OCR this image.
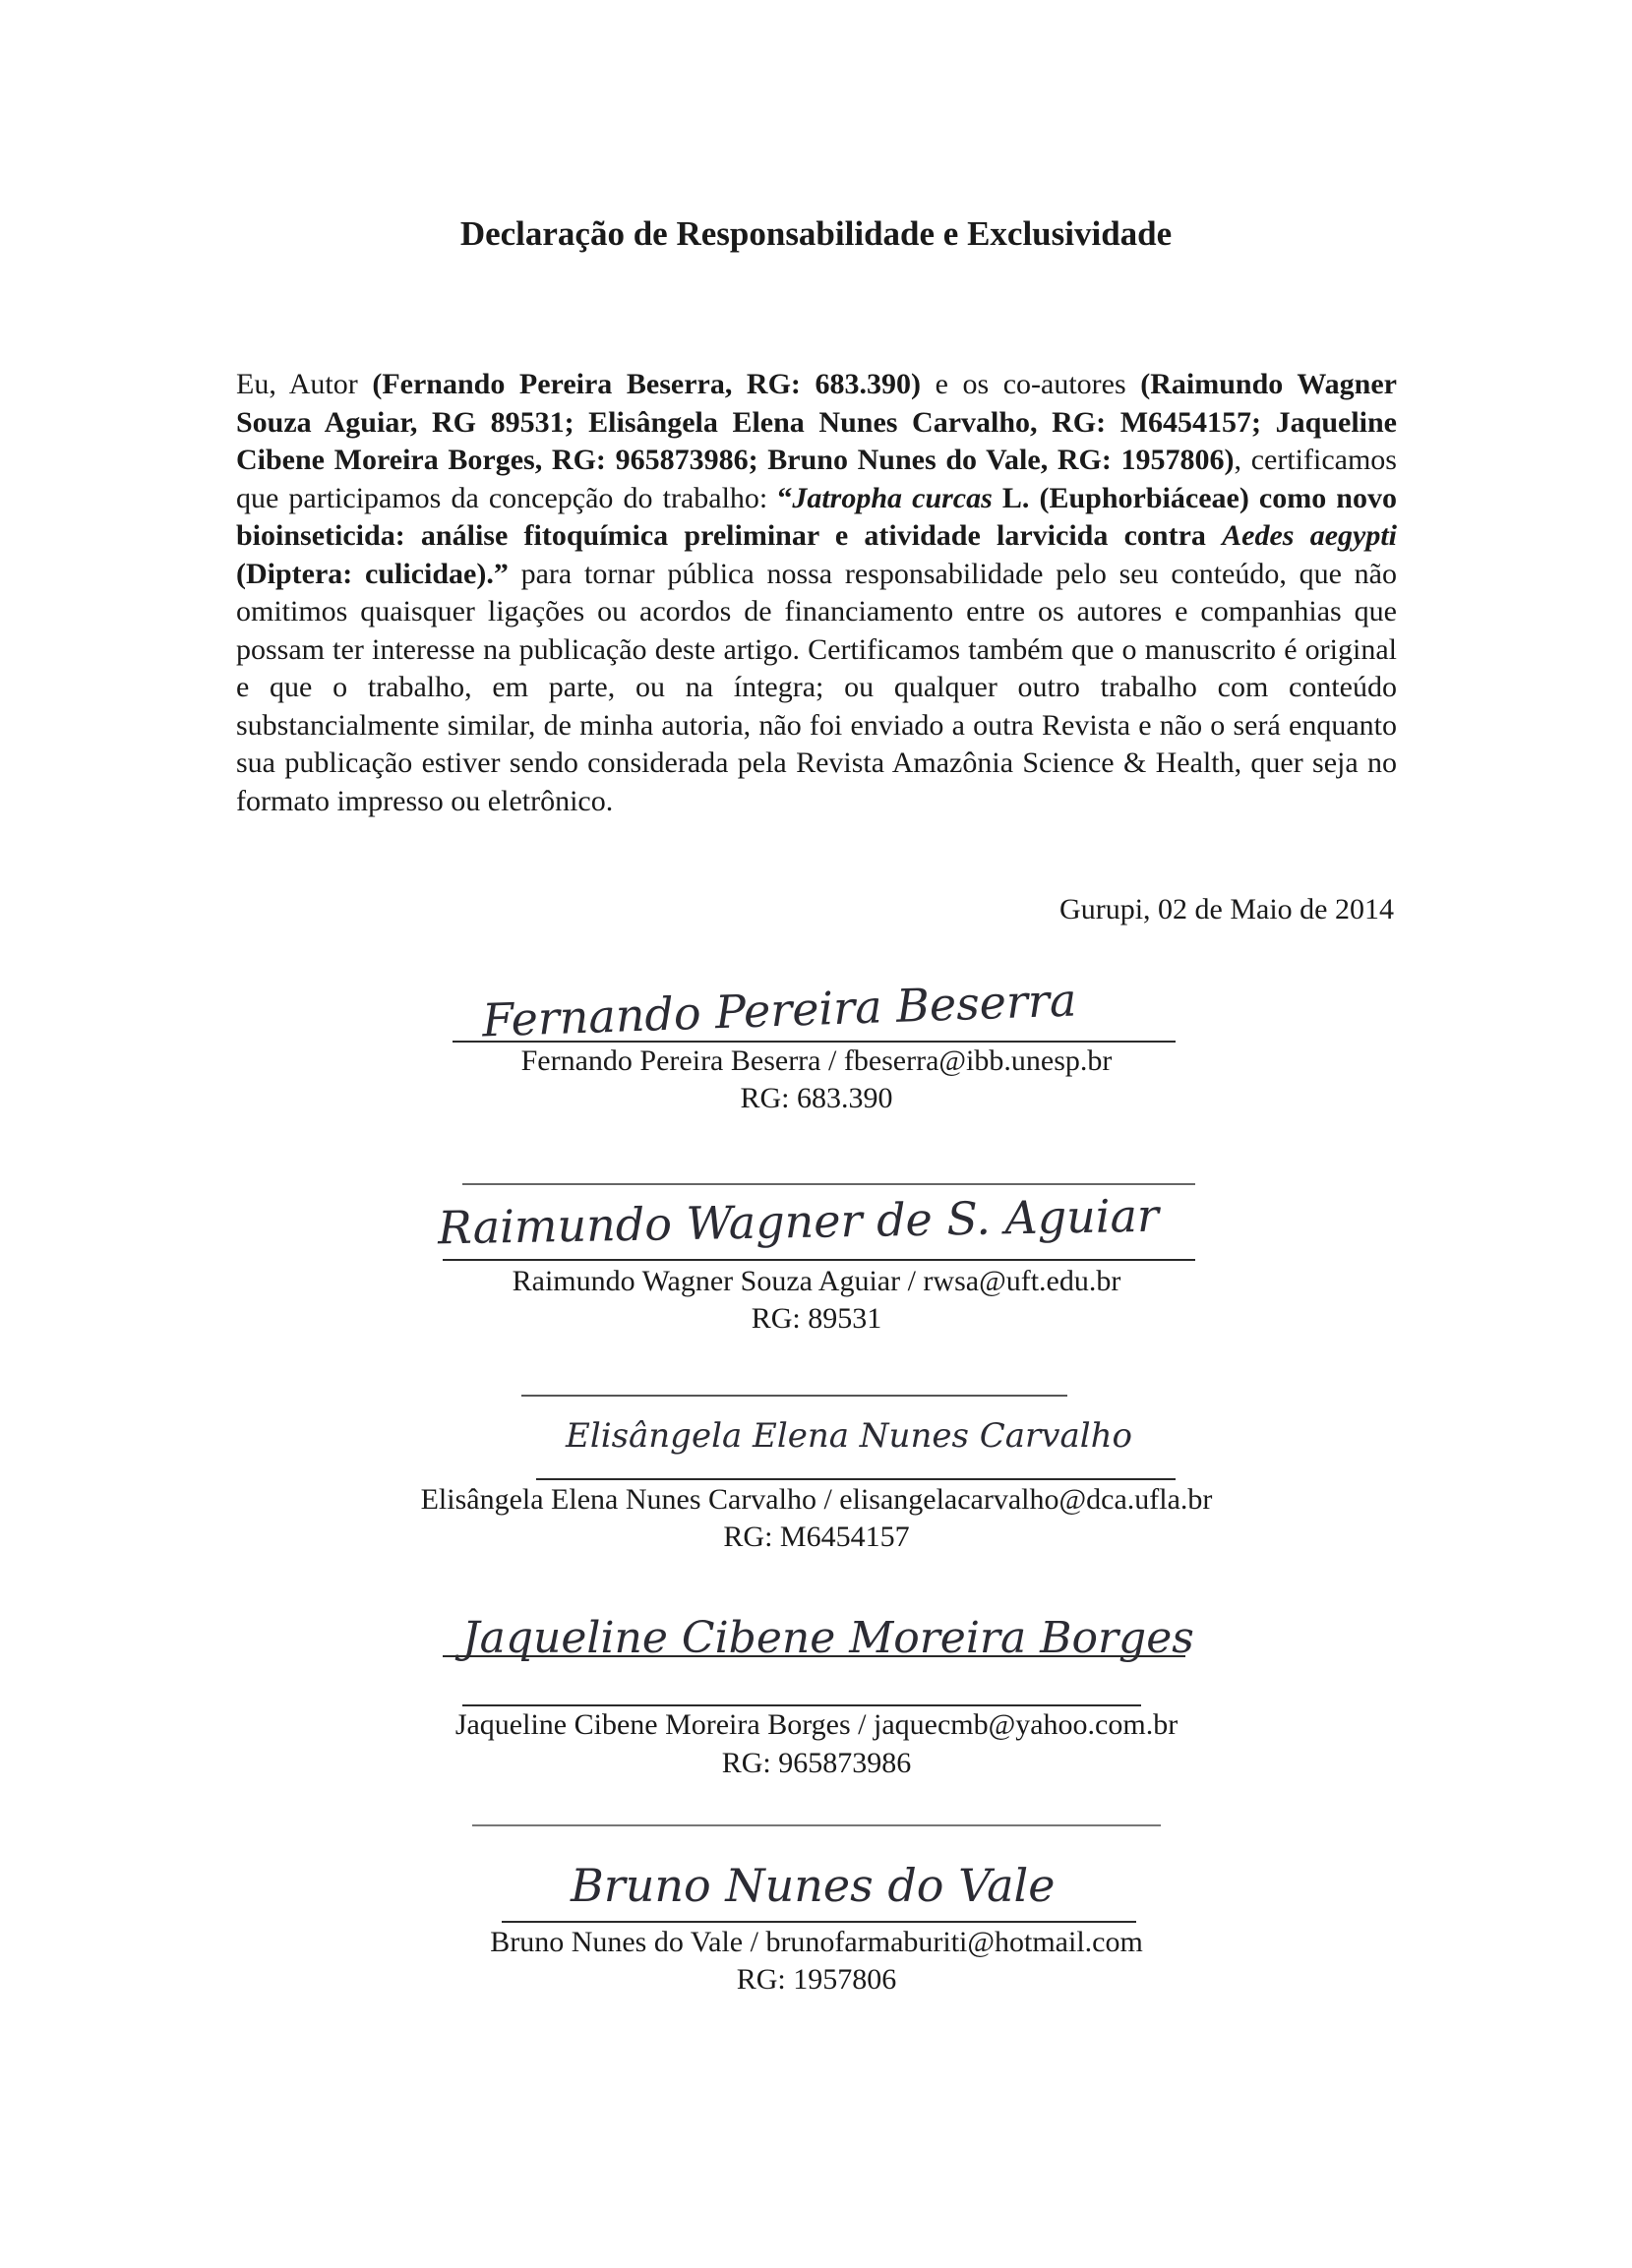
Declaração de Responsabilidade e Exclusividade

Eu, Autor (Fernando Pereira Beserra, RG: 683.390) e os co-autores (Raimundo Wagner Souza Aguiar, RG 89531; Elisângela Elena Nunes Carvalho, RG: M6454157; Jaqueline Cibene Moreira Borges, RG: 965873986; Bruno Nunes do Vale, RG: 1957806), certificamos que participamos da concepção do trabalho: “Jatropha curcas L. (Euphorbiáceae) como novo bioinseticida: análise fitoquímica preliminar e atividade larvicida contra Aedes aegypti (Diptera: culicidae).” para tornar pública nossa responsabilidade pelo seu conteúdo, que não omitimos quaisquer ligações ou acordos de financiamento entre os autores e companhias que possam ter interesse na publicação deste artigo. Certificamos também que o manuscrito é original e que o trabalho, em parte, ou na íntegra; ou qualquer outro trabalho com conteúdo substancialmente similar, de minha autoria, não foi enviado a outra Revista e não o será enquanto sua publicação estiver sendo considerada pela Revista Amazônia Science & Health, quer seja no formato impresso ou eletrônico.

Gurupi, 02 de Maio de 2014

Fernando Pereira Beserra

Fernando Pereira Beserra / fbeserra@ibb.unesp.br

RG: 683.390

Raimundo Wagner de S. Aguiar

Raimundo Wagner Souza Aguiar / rwsa@uft.edu.br

RG: 89531

Elisângela Elena Nunes Carvalho

Elisângela Elena Nunes Carvalho / elisangelacarvalho@dca.ufla.br

RG: M6454157

Jaqueline Cibene Moreira Borges

Jaqueline Cibene Moreira Borges / jaquecmb@yahoo.com.br

RG: 965873986

Bruno Nunes do Vale

Bruno Nunes do Vale / brunofarmaburiti@hotmail.com

RG: 1957806
